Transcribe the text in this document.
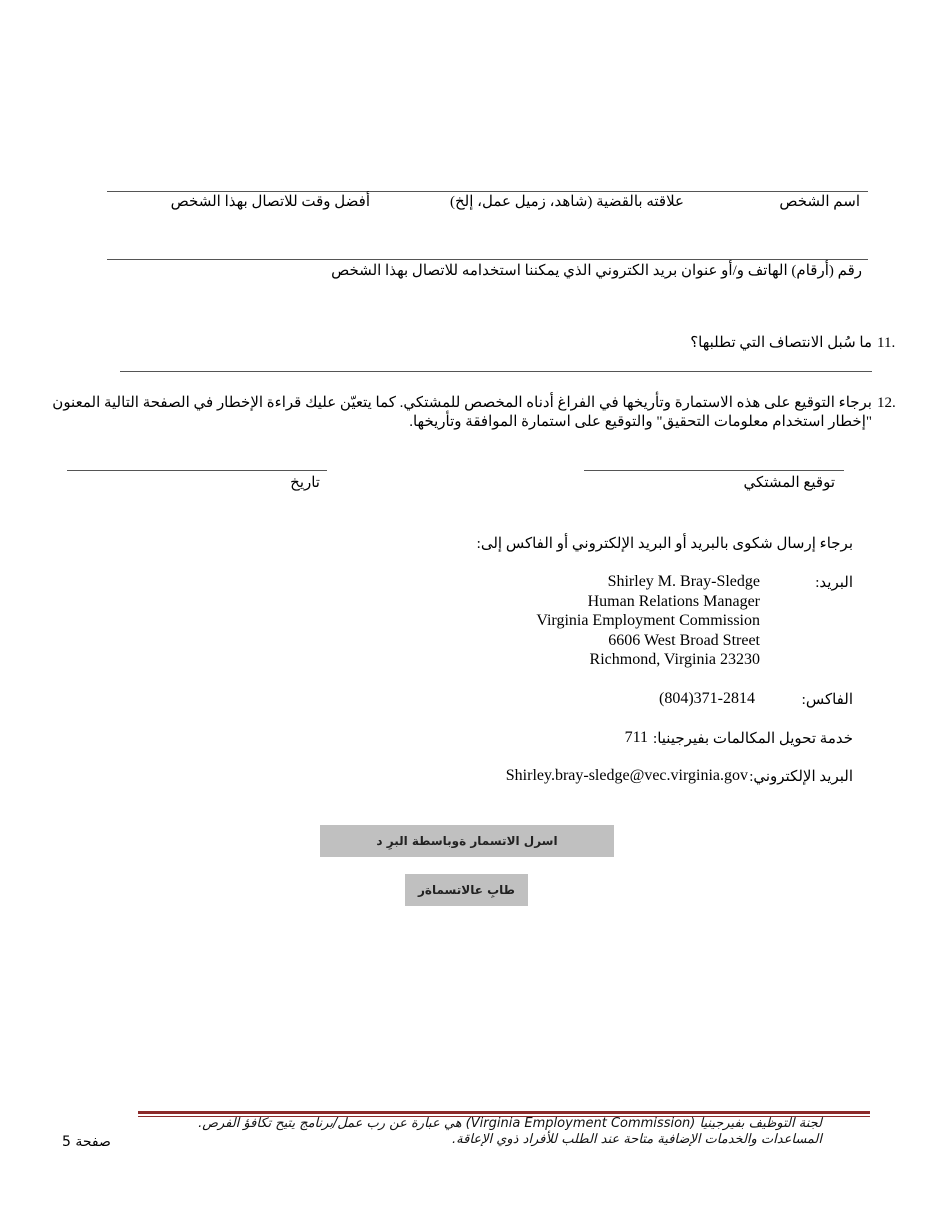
اسم الشخص
علاقته بالقضية (شاهد، زميل عمل، إلخ)
أفضل وقت للاتصال بهذا الشخص
رقم (أرقام) الهاتف و/أو عنوان بريد الكتروني الذي يمكننا استخدامه للاتصال بهذا الشخص
11.
ما سُبل الانتصاف التي تطلبها؟
12.
برجاء التوقيع على هذه الاستمارة وتأريخها في الفراغ أدناه المخصص للمشتكي. كما يتعيّن عليك قراءة الإخطار في الصفحة التالية المعنون
"إخطار استخدام معلومات التحقيق" والتوقيع على استمارة الموافقة وتأريخها.
توقيع المشتكي
تاريخ
برجاء إرسال شكوى بالبريد أو البريد الإلكتروني أو الفاكس إلى:
البريد:
Shirley M. Bray-Sledge
Human Relations Manager
Virginia Employment Commission
6606 West Broad Street
Richmond, Virginia 23230
الفاكس:
(804)371-2814
خدمة تحويل المكالمات بفيرجينيا:
711
البريد الإلكتروني:
Shirley.bray-sledge@vec.virginia.gov
اسرل الاتسمار ةوباسطة البرِ د
طابِ عالاتسماةر
لجنة التوظيف بفيرجينيا (Virginia Employment Commission) هي عبارة عن رب عمل/برنامج يتيح تكافؤ الفرص.
المساعدات والخدمات الإضافية متاحة عند الطلب للأفراد ذوي الإعاقة.
صفحة 5
